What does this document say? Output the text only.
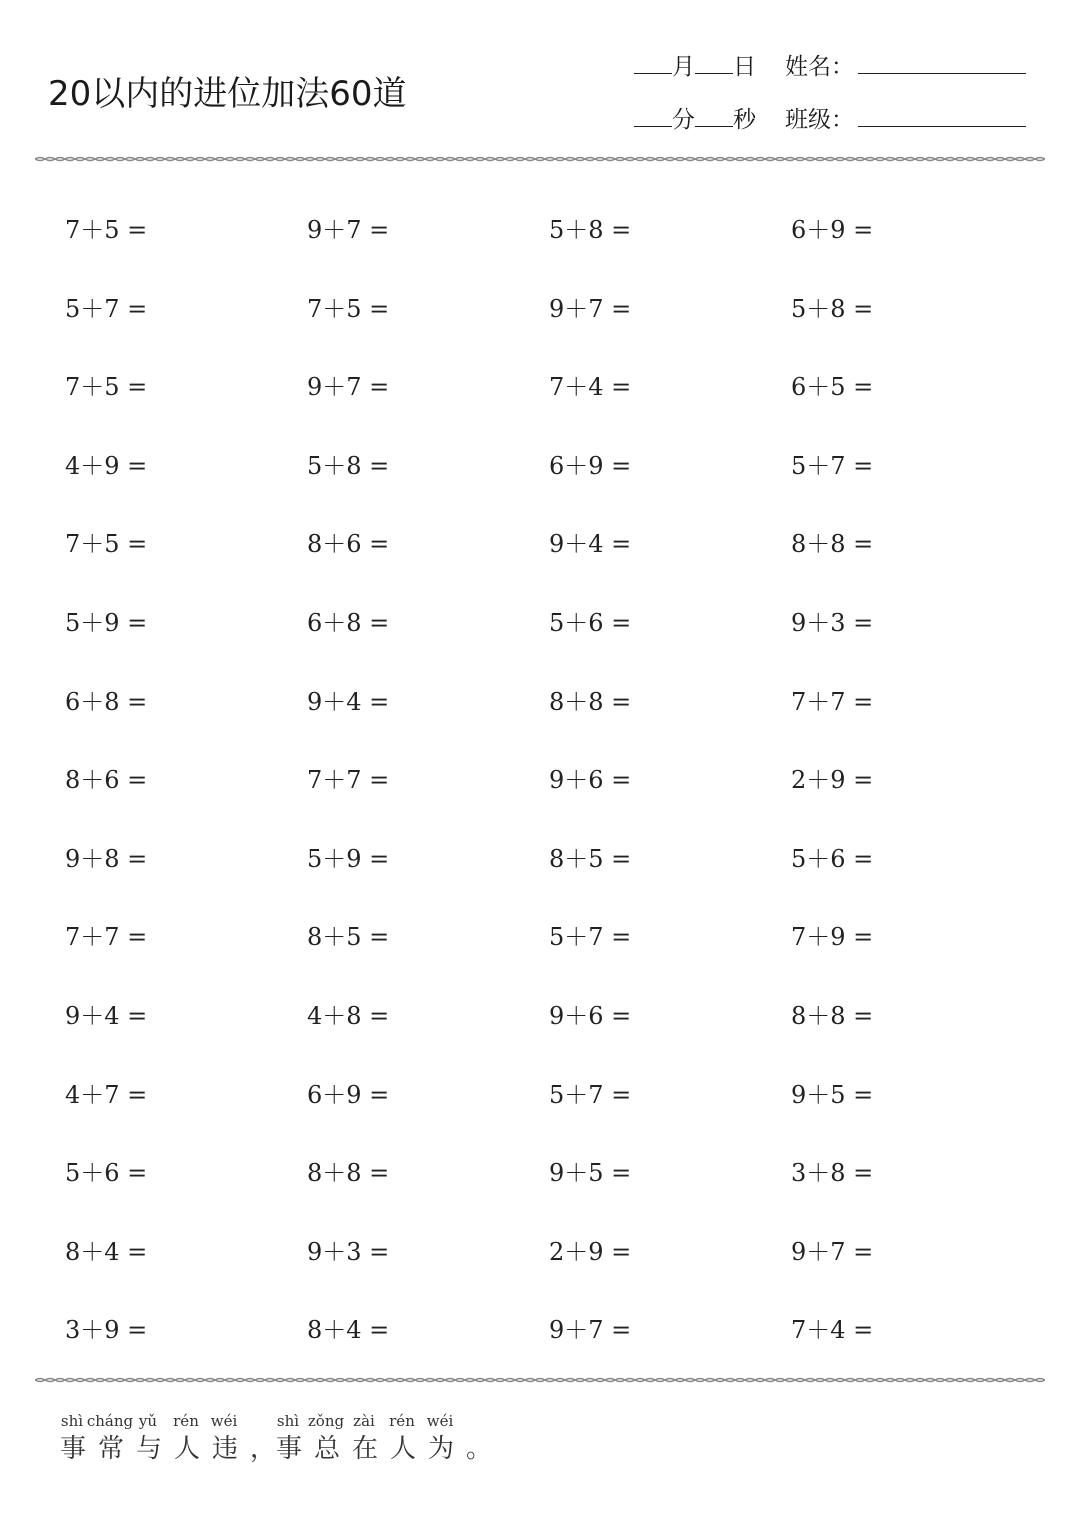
20以内的进位加法60道
月 日 姓名：
分 秒 班级：
7＋5 =	9＋7 =	5＋8 =	6＋9 =
5＋7 =	7＋5 =	9＋7 =	5＋8 =
7＋5 =	9＋7 =	7＋4 =	6＋5 =
4＋9 =	5＋8 =	6＋9 =	5＋7 =
7＋5 =	8＋6 =	9＋4 =	8＋8 =
5＋9 =	6＋8 =	5＋6 =	9＋3 =
6＋8 =	9＋4 =	8＋8 =	7＋7 =
8＋6 =	7＋7 =	9＋6 =	2＋9 =
9＋8 =	5＋9 =	8＋5 =	5＋6 =
7＋7 =	8＋5 =	5＋7 =	7＋9 =
9＋4 =	4＋8 =	9＋6 =	8＋8 =
4＋7 =	6＋9 =	5＋7 =	9＋5 =
5＋6 =	8＋8 =	9＋5 =	3＋8 =
8＋4 =	9＋3 =	2＋9 =	9＋7 =
3＋9 =	8＋4 =	9＋7 =	7＋4 =
shì cháng yǔ rén wéi	shì zǒng zài rén wéi
事 常 与 人 违 ， 事 总 在 人 为 。
